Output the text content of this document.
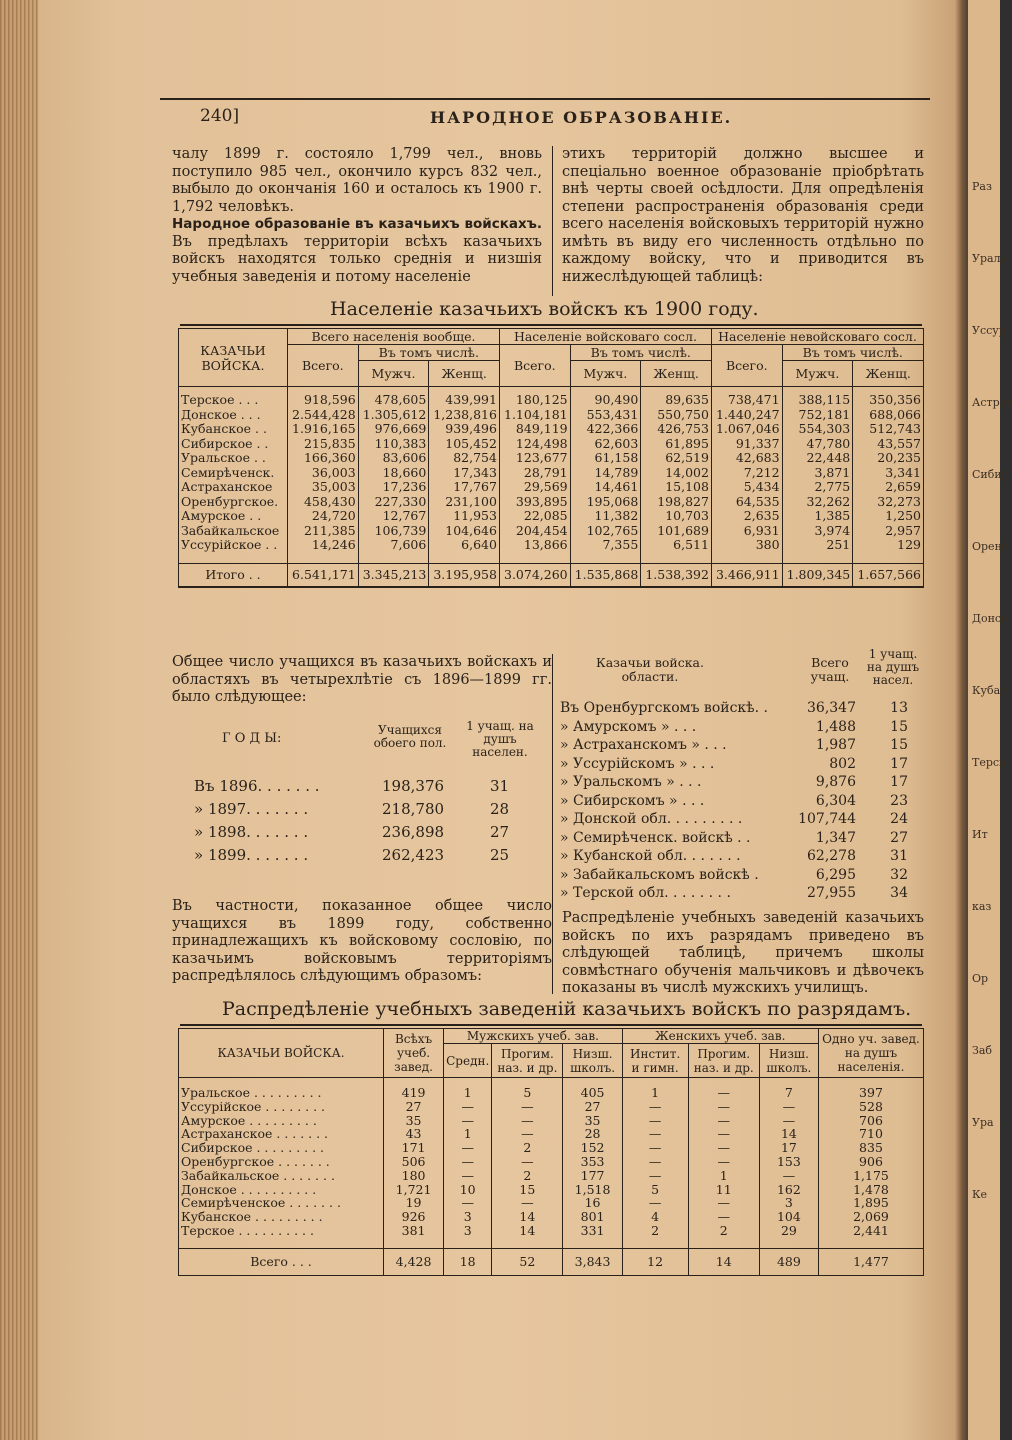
Раз
Ураль
Уссур
Астрах
Сибир
Оренб
Донск
Кубан
Терск
Ит
каз
Ор
Заб
Ура
Ке
240]	НАРОДНОЕ ОБРАЗОВАНІЕ.

чалу 1899 г. состояло 1,799 чел., вновь поступило 985 чел., окончило курсъ 832 чел., выбыло до окончанія 160 и осталось къ 1900 г. 1,792 человѣкъ.

Народное образованіе въ казачьихъ войскахъ. Въ предѣлахъ территоріи всѣхъ казачьихъ войскъ находятся только среднія и низшія учебныя заведенія и потому населеніе

этихъ территорій должно высшее и спеціально военное образованіе пріобрѣтать внѣ черты своей осѣдлости. Для опредѣленія степени распространенія образованія среди всего населенія войсковыхъ территорій нужно имѣть въ виду его численность отдѣльно по каждому войску, что и приводится въ нижеслѣдующей таблицѣ:

Населеніе казачьихъ войскъ къ 1900 году.
КАЗАЧЬИ ВОЙСКА.	Всего населенія вообще.			Населеніе войсковаго сосл.			Населеніе невойсковаго сосл.		
	Всего.	Въ томъ числѣ.		Всего.	Въ томъ числѣ.		Всего.	Въ томъ числѣ.	
		Мужч.	Женщ.		Мужч.	Женщ.		Мужч.	Женщ.
Терское . . .	918,596	478,605	439,991	180,125	90,490	89,635	738,471	388,115	350,356
Донское . . .	2.544,428	1.305,612	1,238,816	1.104,181	553,431	550,750	1.440,247	752,181	688,066
Кубанское . .	1.916,165	976,669	939,496	849,119	422,366	426,753	1.067,046	554,303	512,743
Сибирское . .	215,835	110,383	105,452	124,498	62,603	61,895	91,337	47,780	43,557
Уральское . .	166,360	83,606	82,754	123,677	61,158	62,519	42,683	22,448	20,235
Семирѣченск.	36,003	18,660	17,343	28,791	14,789	14,002	7,212	3,871	3,341
Астраханское	35,003	17,236	17,767	29,569	14,461	15,108	5,434	2,775	2,659
Оренбургское.	458,430	227,330	231,100	393,895	195,068	198,827	64,535	32,262	32,273
Амурское . .	24,720	12,767	11,953	22,085	11,382	10,703	2,635	1,385	1,250
Забайкальское	211,385	106,739	104,646	204,454	102,765	101,689	6,931	3,974	2,957
Уссурійское . .	14,246	7,606	6,640	13,866	7,355	6,511	380	251	129
Итого . .	6.541,171	3.345,213	3.195,958	3.074,260	1.535,868	1.538,392	3.466,911	1.809,345	1.657,566

Общее число учащихся въ казачьихъ войскахъ и областяхъ въ четырехлѣтіе съ 1896—1899 гг. было слѣдующее:

Г О Д Ы:
Учащихся обоего пол.
1 учащ. на душъ населен.
Въ 1896. . . . . . .	198,376	31
» 1897. . . . . . .	218,780	28
» 1898. . . . . . .	236,898	27
» 1899. . . . . . .	262,423	25

Въ частности, показанное общее число учащихся въ 1899 году, собственно принадлежащихъ къ войсковому сословію, по казачьимъ войсковымъ территоріямъ распредѣлялось слѣдующимъ образомъ:

Казачьи войска. области.
Всего учащ.
1 учащ. на душъ насел.
Въ Оренбургскомъ войскѣ. .	36,347	13
» Амурскомъ » . . .	1,488	15
» Астраханскомъ » . . .	1,987	15
» Уссурійскомъ » . . .	802	17
» Уральскомъ » . . .	9,876	17
» Сибирскомъ » . . .	6,304	23
» Донской обл. . . . . . . . .	107,744	24
» Семирѣченск. войскѣ . .	1,347	27
» Кубанской обл. . . . . . .	62,278	31
» Забайкальскомъ войскѣ .	6,295	32
» Терской обл. . . . . . . .	27,955	34

Распредѣленіе учебныхъ заведеній казачьихъ войскъ по ихъ разрядамъ приведено въ слѣдующей таблицѣ, причемъ школы совмѣстнаго обученія мальчиковъ и дѣвочекъ показаны въ числѣ мужскихъ училищъ.

Распредѣленіе учебныхъ заведеній казачьихъ войскъ по разрядамъ.
КАЗАЧЬИ ВОЙСКА.	Всѣхъ учеб. завед.	Мужскихъ учеб. зав.			Женскихъ учеб. зав.			Одно уч. завед. на душъ населенія.
		Средн.	Прогим. наз. и др.	Низш. школъ.	Инстит. и гимн.	Прогим. наз. и др.	Низш. школъ.	
Уральское . . . . . . . . .	419	1	5	405	1	—	7	397
Уссурійское . . . . . . . .	27	—	—	27	—	—	—	528
Амурское . . . . . . . . .	35	—	—	35	—	—	—	706
Астраханское . . . . . . .	43	1	—	28	—	—	14	710
Сибирское . . . . . . . . .	171	—	2	152	—	—	17	835
Оренбургское . . . . . . .	506	—	—	353	—	—	153	906
Забайкальское . . . . . . .	180	—	2	177	—	1	—	1,175
Донское . . . . . . . . . .	1,721	10	15	1,518	5	11	162	1,478
Семирѣченское . . . . . . .	19	—	—	16	—	—	3	1,895
Кубанское . . . . . . . . .	926	3	14	801	4	—	104	2,069
Терское . . . . . . . . . .	381	3	14	331	2	2	29	2,441
Всего . . .	4,428	18	52	3,843	12	14	489	1,477
